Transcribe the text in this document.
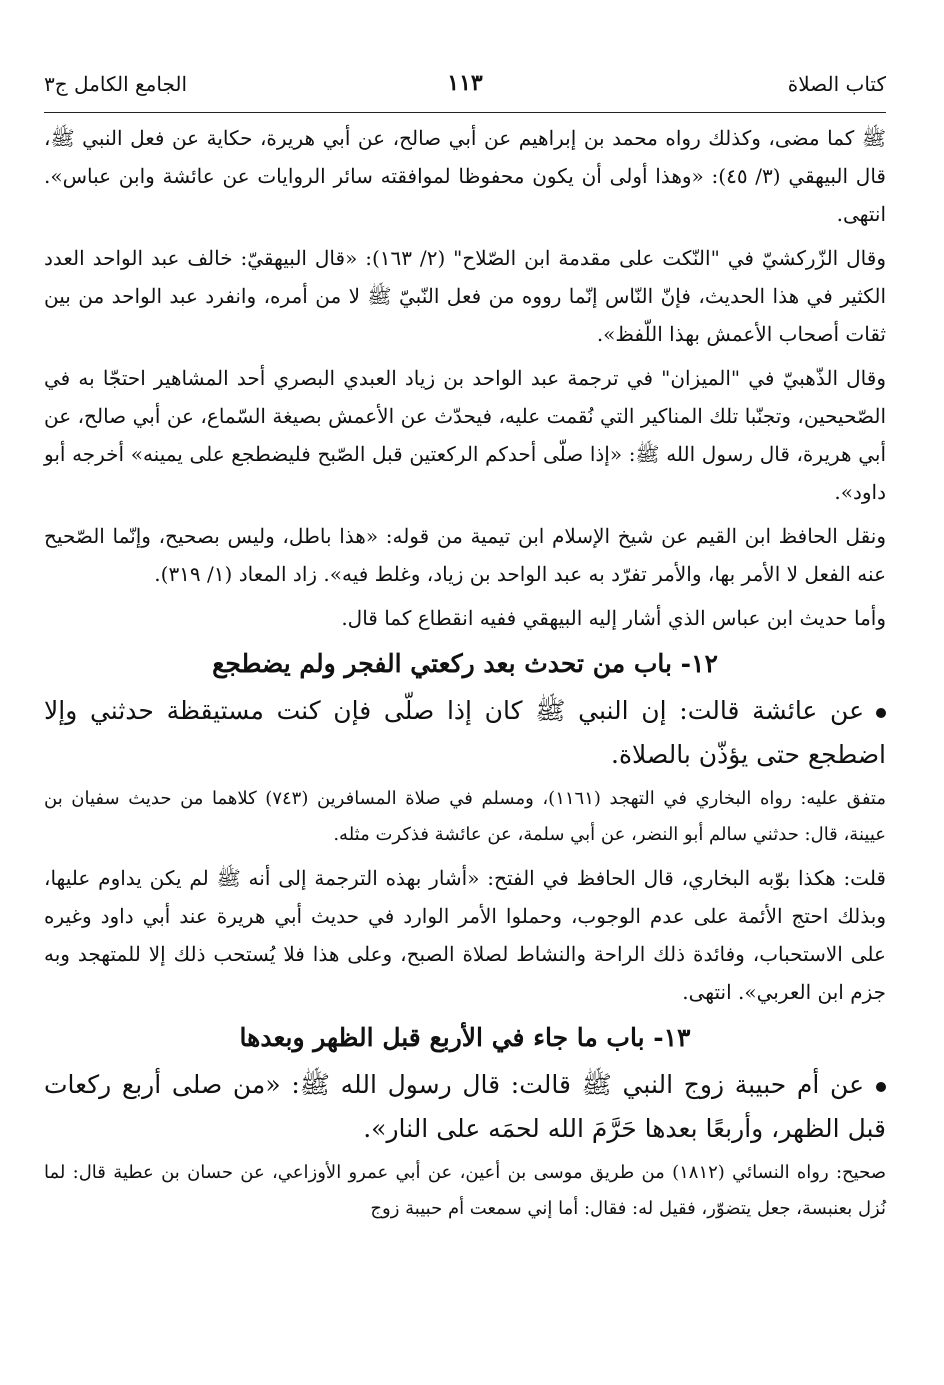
كتاب الصلاة
١١٣
الجامع الكامل ج٣

ﷺ كما مضى، وكذلك رواه محمد بن إبراهيم عن أبي صالح، عن أبي هريرة، حكاية عن فعل النبي ﷺ، قال البيهقي (٣/ ٤٥): «وهذا أولى أن يكون محفوظا لموافقته سائر الروايات عن عائشة وابن عباس». انتهى.

وقال الزّركشيّ في "النّكت على مقدمة ابن الصّلاح" (٢/ ١٦٣): «قال البيهقيّ: خالف عبد الواحد العدد الكثير في هذا الحديث، فإنّ النّاس إنّما رووه من فعل النّبيّ ﷺ لا من أمره، وانفرد عبد الواحد من بين ثقات أصحاب الأعمش بهذا اللّفظ».

وقال الذّهبيّ في "الميزان" في ترجمة عبد الواحد بن زياد العبدي البصري أحد المشاهير احتجّا به في الصّحيحين، وتجنّبا تلك المناكير التي نُقمت عليه، فيحدّث عن الأعمش بصيغة السّماع، عن أبي صالح، عن أبي هريرة، قال رسول الله ﷺ: «إذا صلّى أحدكم الركعتين قبل الصّبح فليضطجع على يمينه» أخرجه أبو داود».

ونقل الحافظ ابن القيم عن شيخ الإسلام ابن تيمية من قوله: «هذا باطل، وليس بصحيح، وإنّما الصّحيح عنه الفعل لا الأمر بها، والأمر تفرّد به عبد الواحد بن زياد، وغلط فيه». زاد المعاد (١/ ٣١٩).

وأما حديث ابن عباس الذي أشار إليه البيهقي ففيه انقطاع كما قال.

١٢- باب من تحدث بعد ركعتي الفجر ولم يضطجع

عن عائشة قالت: إن النبي ﷺ كان إذا صلّى فإن كنت مستيقظة حدثني وإلا اضطجع حتى يؤذّن بالصلاة.

متفق عليه: رواه البخاري في التهجد (١١٦١)، ومسلم في صلاة المسافرين (٧٤٣) كلاهما من حديث سفيان بن عيينة، قال: حدثني سالم أبو النضر، عن أبي سلمة، عن عائشة فذكرت مثله.

قلت: هكذا بوّبه البخاري، قال الحافظ في الفتح: «أشار بهذه الترجمة إلى أنه ﷺ لم يكن يداوم عليها، وبذلك احتج الأئمة على عدم الوجوب، وحملوا الأمر الوارد في حديث أبي هريرة عند أبي داود وغيره على الاستحباب، وفائدة ذلك الراحة والنشاط لصلاة الصبح، وعلى هذا فلا يُستحب ذلك إلا للمتهجد وبه جزم ابن العربي». انتهى.

١٣- باب ما جاء في الأربع قبل الظهر وبعدها

عن أم حبيبة زوج النبي ﷺ قالت: قال رسول الله ﷺ: «من صلى أربع ركعات قبل الظهر، وأربعًا بعدها حَرَّمَ الله لحمَه على النار».

صحيح: رواه النسائي (١٨١٢) من طريق موسى بن أعين، عن أبي عمرو الأوزاعي، عن حسان بن عطية قال: لما نُزل بعنبسة، جعل يتضوّر، فقيل له: فقال: أما إني سمعت أم حبيبة زوج
